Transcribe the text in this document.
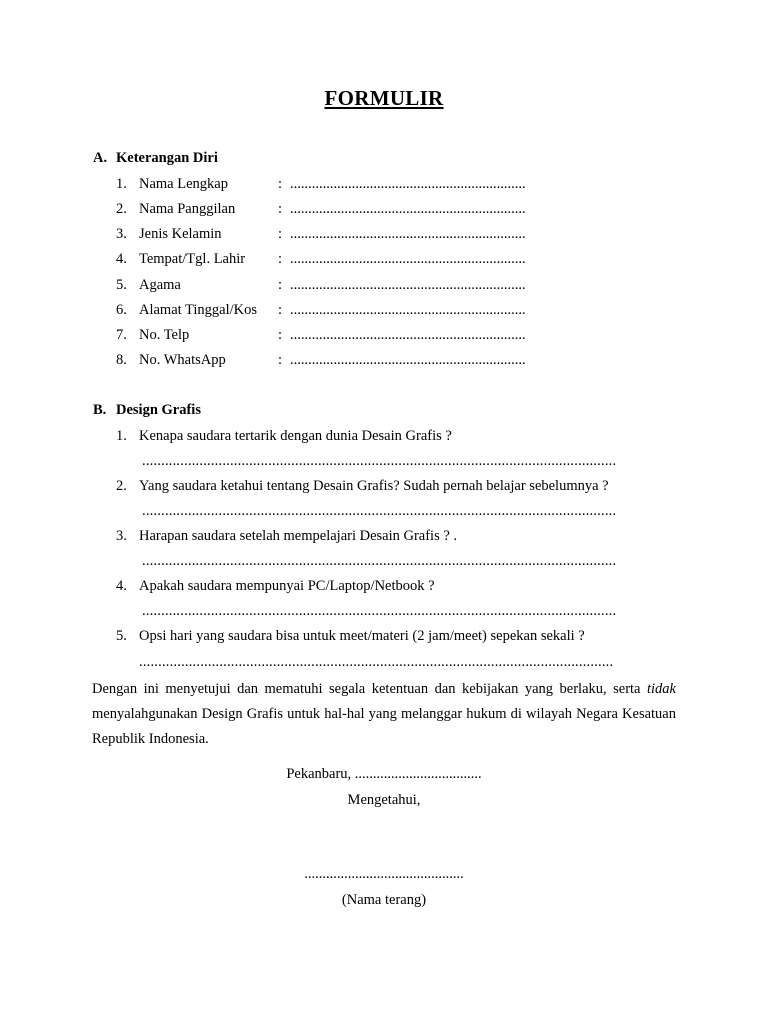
FORMULIR
A. Keterangan Diri
1. Nama Lengkap	: .................................................................
2. Nama Panggilan	: .................................................................
3. Jenis Kelamin	: .................................................................
4. Tempat/Tgl. Lahir : .................................................................
5. Agama	: .................................................................
6. Alamat Tinggal/Kos : .................................................................
7. No. Telp	: .................................................................
8. No. WhatsApp	: .................................................................
B. Design Grafis
1. Kenapa saudara tertarik dengan dunia Desain Grafis ?
............................................................................................................................
2. Yang saudara ketahui tentang Desain Grafis? Sudah pernah belajar sebelumnya ?
............................................................................................................................
3. Harapan saudara setelah mempelajari Desain Grafis ? .
............................................................................................................................
4. Apakah saudara mempunyai PC/Laptop/Netbook ?
............................................................................................................................
5. Opsi hari yang saudara bisa untuk meet/materi (2 jam/meet) sepekan sekali ?
............................................................................................................................
Dengan ini menyetujui dan mematuhi segala ketentuan dan kebijakan yang berlaku, serta tidak menyalahgunakan Design Grafis untuk hal-hal yang melanggar hukum di wilayah Negara Kesatuan Republik Indonesia.
Pekanbaru, ...................................
Mengetahui,
............................................
(Nama terang)
